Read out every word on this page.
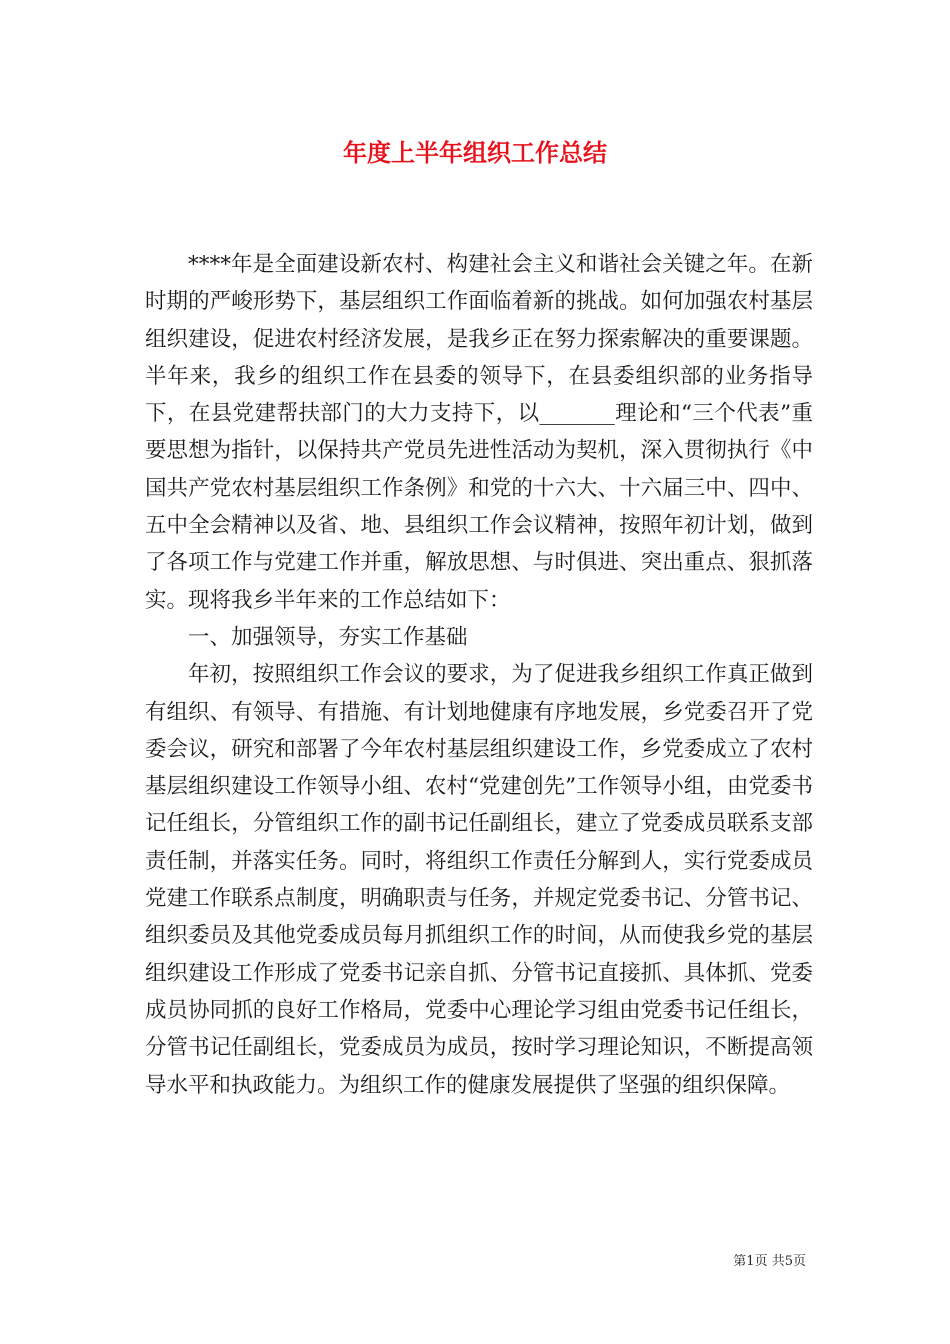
年度上半年组织工作总结

****年是全面建设新农村、构建社会主义和谐社会关键之年。在新时期的严峻形势下，基层组织工作面临着新的挑战。如何加强农村基层组织建设，促进农村经济发展，是我乡正在努力探索解决的重要课题。半年来，我乡的组织工作在县委的领导下，在县委组织部的业务指导下，在县党建帮扶部门的大力支持下，以_______理论和“三个代表”重要思想为指针，以保持共产党员先进性活动为契机，深入贯彻执行《中国共产党农村基层组织工作条例》和党的十六大、十六届三中、四中、五中全会精神以及省、地、县组织工作会议精神，按照年初计划，做到了各项工作与党建工作并重，解放思想、与时俱进、突出重点、狠抓落实。现将我乡半年来的工作总结如下：

一、加强领导，夯实工作基础

年初，按照组织工作会议的要求，为了促进我乡组织工作真正做到有组织、有领导、有措施、有计划地健康有序地发展，乡党委召开了党委会议，研究和部署了今年农村基层组织建设工作，乡党委成立了农村基层组织建设工作领导小组、农村“党建创先”工作领导小组，由党委书记任组长，分管组织工作的副书记任副组长，建立了党委成员联系支部责任制，并落实任务。同时，将组织工作责任分解到人，实行党委成员党建工作联系点制度，明确职责与任务，并规定党委书记、分管书记、组织委员及其他党委成员每月抓组织工作的时间，从而使我乡党的基层组织建设工作形成了党委书记亲自抓、分管书记直接抓、具体抓、党委成员协同抓的良好工作格局，党委中心理论学习组由党委书记任组长，分管书记任副组长，党委成员为成员，按时学习理论知识，不断提高领导水平和执政能力。为组织工作的健康发展提供了坚强的组织保障。

第1页 共5页
